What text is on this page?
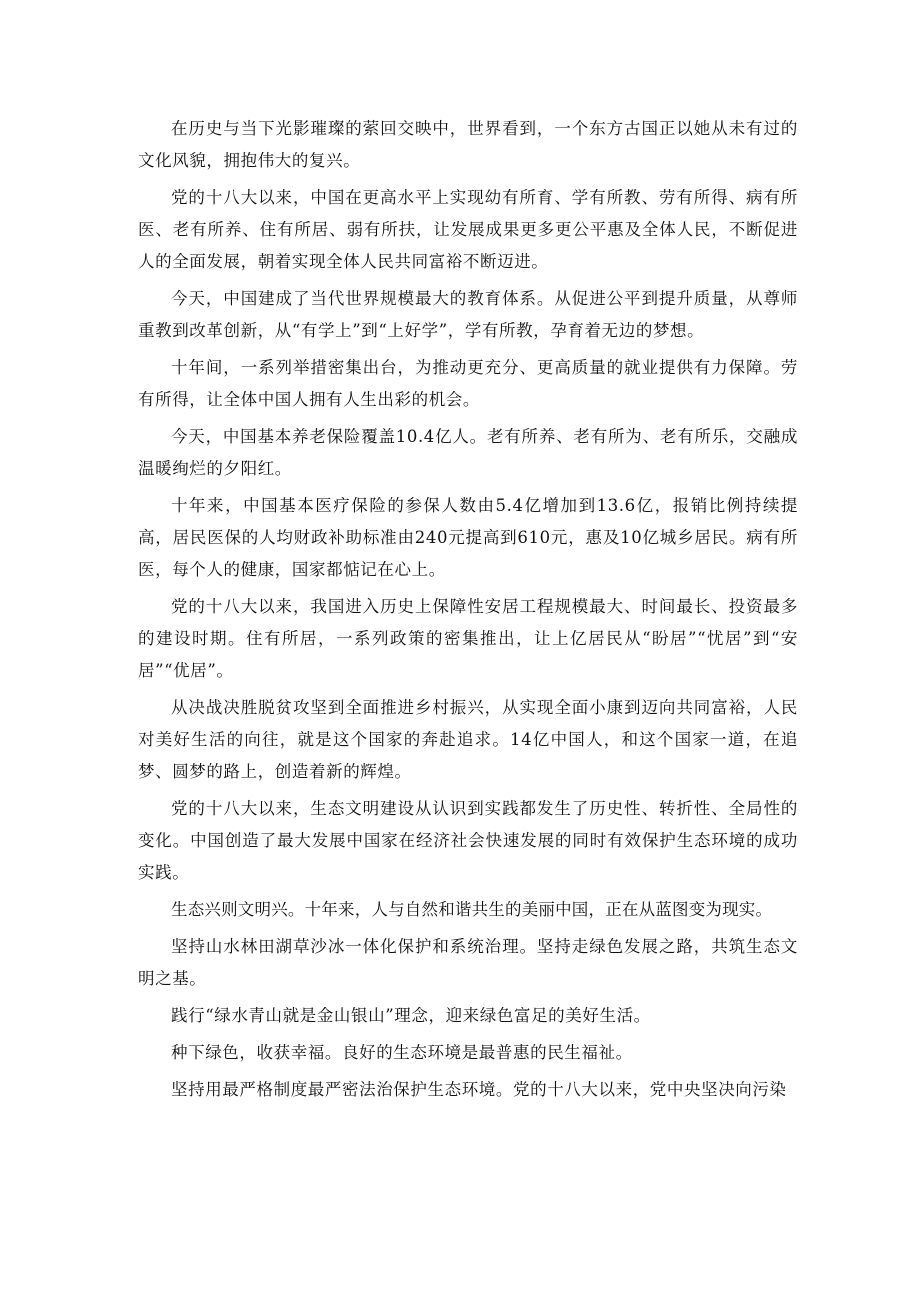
在历史与当下光影璀璨的萦回交映中，世界看到，一个东方古国正以她从未有过的文化风貌，拥抱伟大的复兴。

党的十八大以来，中国在更高水平上实现幼有所育、学有所教、劳有所得、病有所医、老有所养、住有所居、弱有所扶，让发展成果更多更公平惠及全体人民，不断促进人的全面发展，朝着实现全体人民共同富裕不断迈进。

今天，中国建成了当代世界规模最大的教育体系。从促进公平到提升质量，从尊师重教到改革创新，从“有学上”到“上好学”，学有所教，孕育着无边的梦想。

十年间，一系列举措密集出台，为推动更充分、更高质量的就业提供有力保障。劳有所得，让全体中国人拥有人生出彩的机会。

今天，中国基本养老保险覆盖10.4亿人。老有所养、老有所为、老有所乐，交融成温暖绚烂的夕阳红。

十年来，中国基本医疗保险的参保人数由5.4亿增加到13.6亿，报销比例持续提高，居民医保的人均财政补助标准由240元提高到610元，惠及10亿城乡居民。病有所医，每个人的健康，国家都惦记在心上。

党的十八大以来，我国进入历史上保障性安居工程规模最大、时间最长、投资最多的建设时期。住有所居，一系列政策的密集推出，让上亿居民从“盼居”“忧居”到“安居”“优居”。

从决战决胜脱贫攻坚到全面推进乡村振兴，从实现全面小康到迈向共同富裕，人民对美好生活的向往，就是这个国家的奔赴追求。14亿中国人，和这个国家一道，在追梦、圆梦的路上，创造着新的辉煌。

党的十八大以来，生态文明建设从认识到实践都发生了历史性、转折性、全局性的变化。中国创造了最大发展中国家在经济社会快速发展的同时有效保护生态环境的成功实践。

生态兴则文明兴。十年来，人与自然和谐共生的美丽中国，正在从蓝图变为现实。

坚持山水林田湖草沙冰一体化保护和系统治理。坚持走绿色发展之路，共筑生态文明之基。

践行“绿水青山就是金山银山”理念，迎来绿色富足的美好生活。

种下绿色，收获幸福。良好的生态环境是最普惠的民生福祉。

坚持用最严格制度最严密法治保护生态环境。党的十八大以来，党中央坚决向污染
